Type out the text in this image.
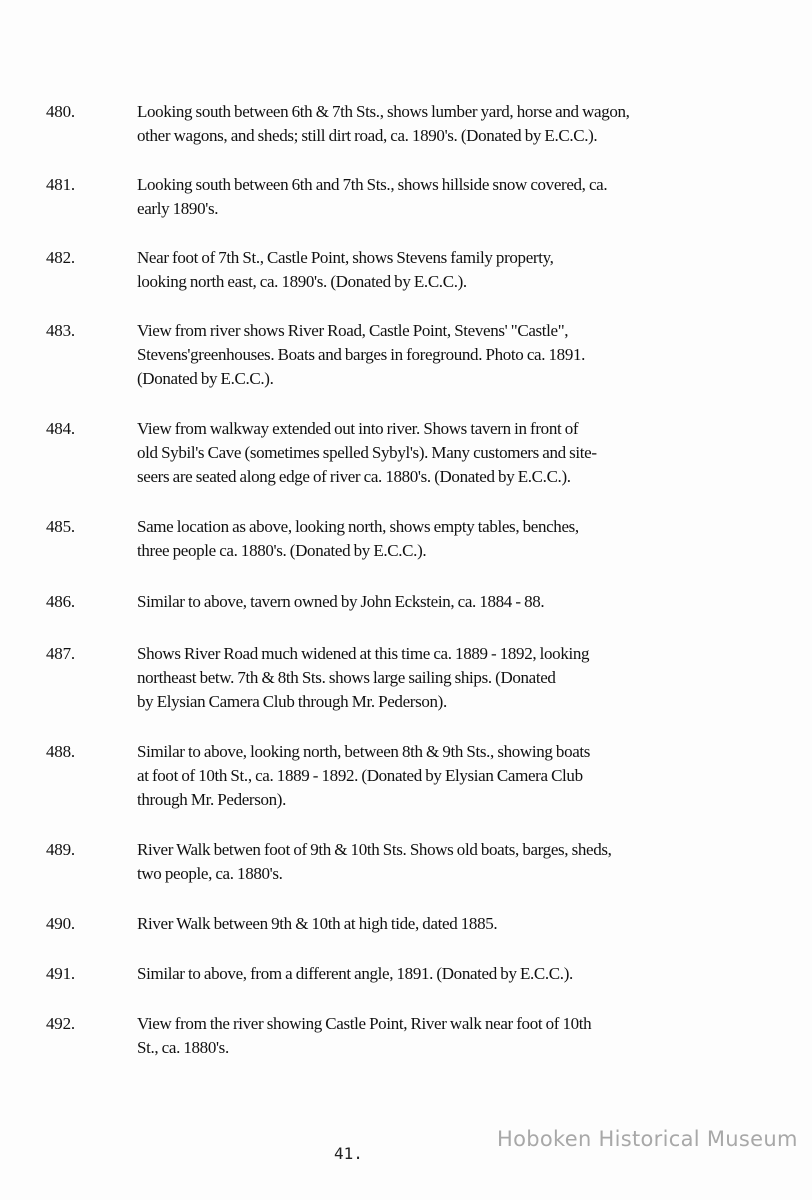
480.	Looking south between 6th & 7th Sts., shows lumber yard, horse and wagon,
other wagons, and sheds; still dirt road, ca. 1890's. (Donated by E.C.C.).
481.	Looking south between 6th and 7th Sts., shows hillside snow covered, ca.
early 1890's.
482.	Near foot of 7th St., Castle Point, shows Stevens family property,
looking north east, ca. 1890's. (Donated by E.C.C.).
483.	View from river shows River Road, Castle Point, Stevens' "Castle",
Stevens'greenhouses. Boats and barges in foreground. Photo ca. 1891.
(Donated by E.C.C.).
484.	View from walkway extended out into river. Shows tavern in front of
old Sybil's Cave (sometimes spelled Sybyl's). Many customers and site-
seers are seated along edge of river ca. 1880's. (Donated by E.C.C.).
485.	Same location as above, looking north, shows empty tables, benches,
three people ca. 1880's. (Donated by E.C.C.).
486.	Similar to above, tavern owned by John Eckstein, ca. 1884 - 88.
487.	Shows River Road much widened at this time ca. 1889 - 1892, looking
northeast betw. 7th & 8th Sts. shows large sailing ships. (Donated
by Elysian Camera Club through Mr. Pederson).
488.	Similar to above, looking north, between 8th & 9th Sts., showing boats
at foot of 10th St., ca. 1889 - 1892. (Donated by Elysian Camera Club
through Mr. Pederson).
489.	River Walk betwen foot of 9th & 10th Sts. Shows old boats, barges, sheds,
two people, ca. 1880's.
490.	River Walk between 9th & 10th at high tide, dated 1885.
491.	Similar to above, from a different angle, 1891. (Donated by E.C.C.).
492.	View from the river showing Castle Point, River walk near foot of 10th
St., ca. 1880's.
41.
Hoboken Historical Museum
